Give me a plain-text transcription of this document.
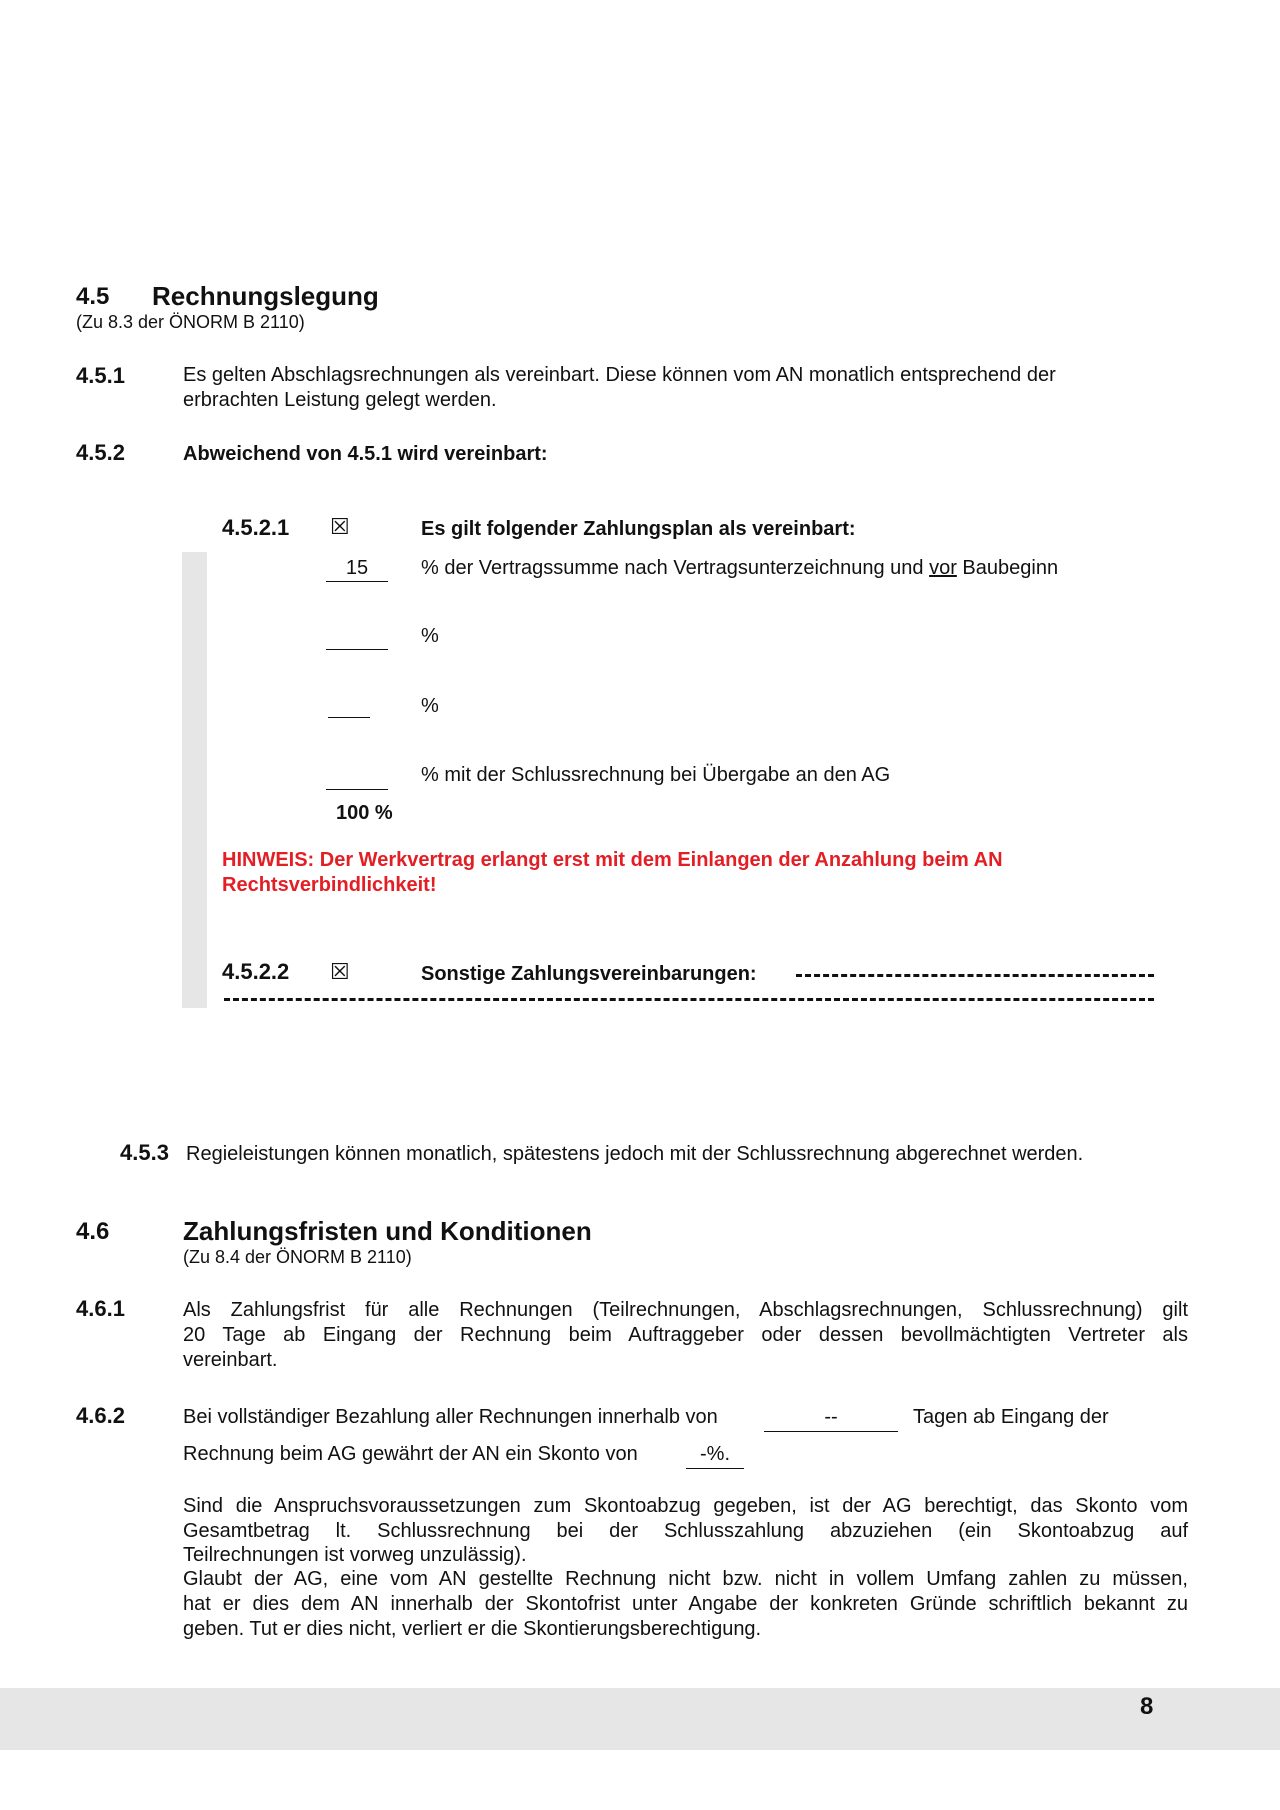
4.5 Rechnungslegung
(Zu 8.3 der ÖNORM B 2110)
4.5.1	Es gelten Abschlagsrechnungen als vereinbart. Diese können vom AN monatlich entsprechend der
erbrachten Leistung gelegt werden.
4.5.2	Abweichend von 4.5.1 wird vereinbart:
4.5.2.1 ☒	Es gilt folgender Zahlungsplan als vereinbart:
15	% der Vertragssumme nach Vertragsunterzeichnung und vor Baubeginn
%
%
% mit der Schlussrechnung bei Übergabe an den AG
100 %
HINWEIS: Der Werkvertrag erlangt erst mit dem Einlangen der Anzahlung beim AN
Rechtsverbindlichkeit!
4.5.2.2 ☒	Sonstige Zahlungsvereinbarungen:
4.5.3 Regieleistungen können monatlich, spätestens jedoch mit der Schlussrechnung abgerechnet werden.
4.6	Zahlungsfristen und Konditionen
(Zu 8.4 der ÖNORM B 2110)
4.6.1	Als Zahlungsfrist für alle Rechnungen (Teilrechnungen, Abschlagsrechnungen, Schlussrechnung) gilt
20 Tage ab Eingang der Rechnung beim Auftraggeber oder dessen bevollmächtigten Vertreter als
vereinbart.
4.6.2	Bei vollständiger Bezahlung aller Rechnungen innerhalb von	--	Tagen ab Eingang der
Rechnung beim AG gewährt der AN ein Skonto von	-%.
Sind die Anspruchsvoraussetzungen zum Skontoabzug gegeben, ist der AG berechtigt, das Skonto vom
Gesamtbetrag lt. Schlussrechnung bei der Schlusszahlung abzuziehen (ein Skontoabzug auf
Teilrechnungen ist vorweg unzulässig).
Glaubt der AG, eine vom AN gestellte Rechnung nicht bzw. nicht in vollem Umfang zahlen zu müssen,
hat er dies dem AN innerhalb der Skontofrist unter Angabe der konkreten Gründe schriftlich bekannt zu
geben. Tut er dies nicht, verliert er die Skontierungsberechtigung.
8
